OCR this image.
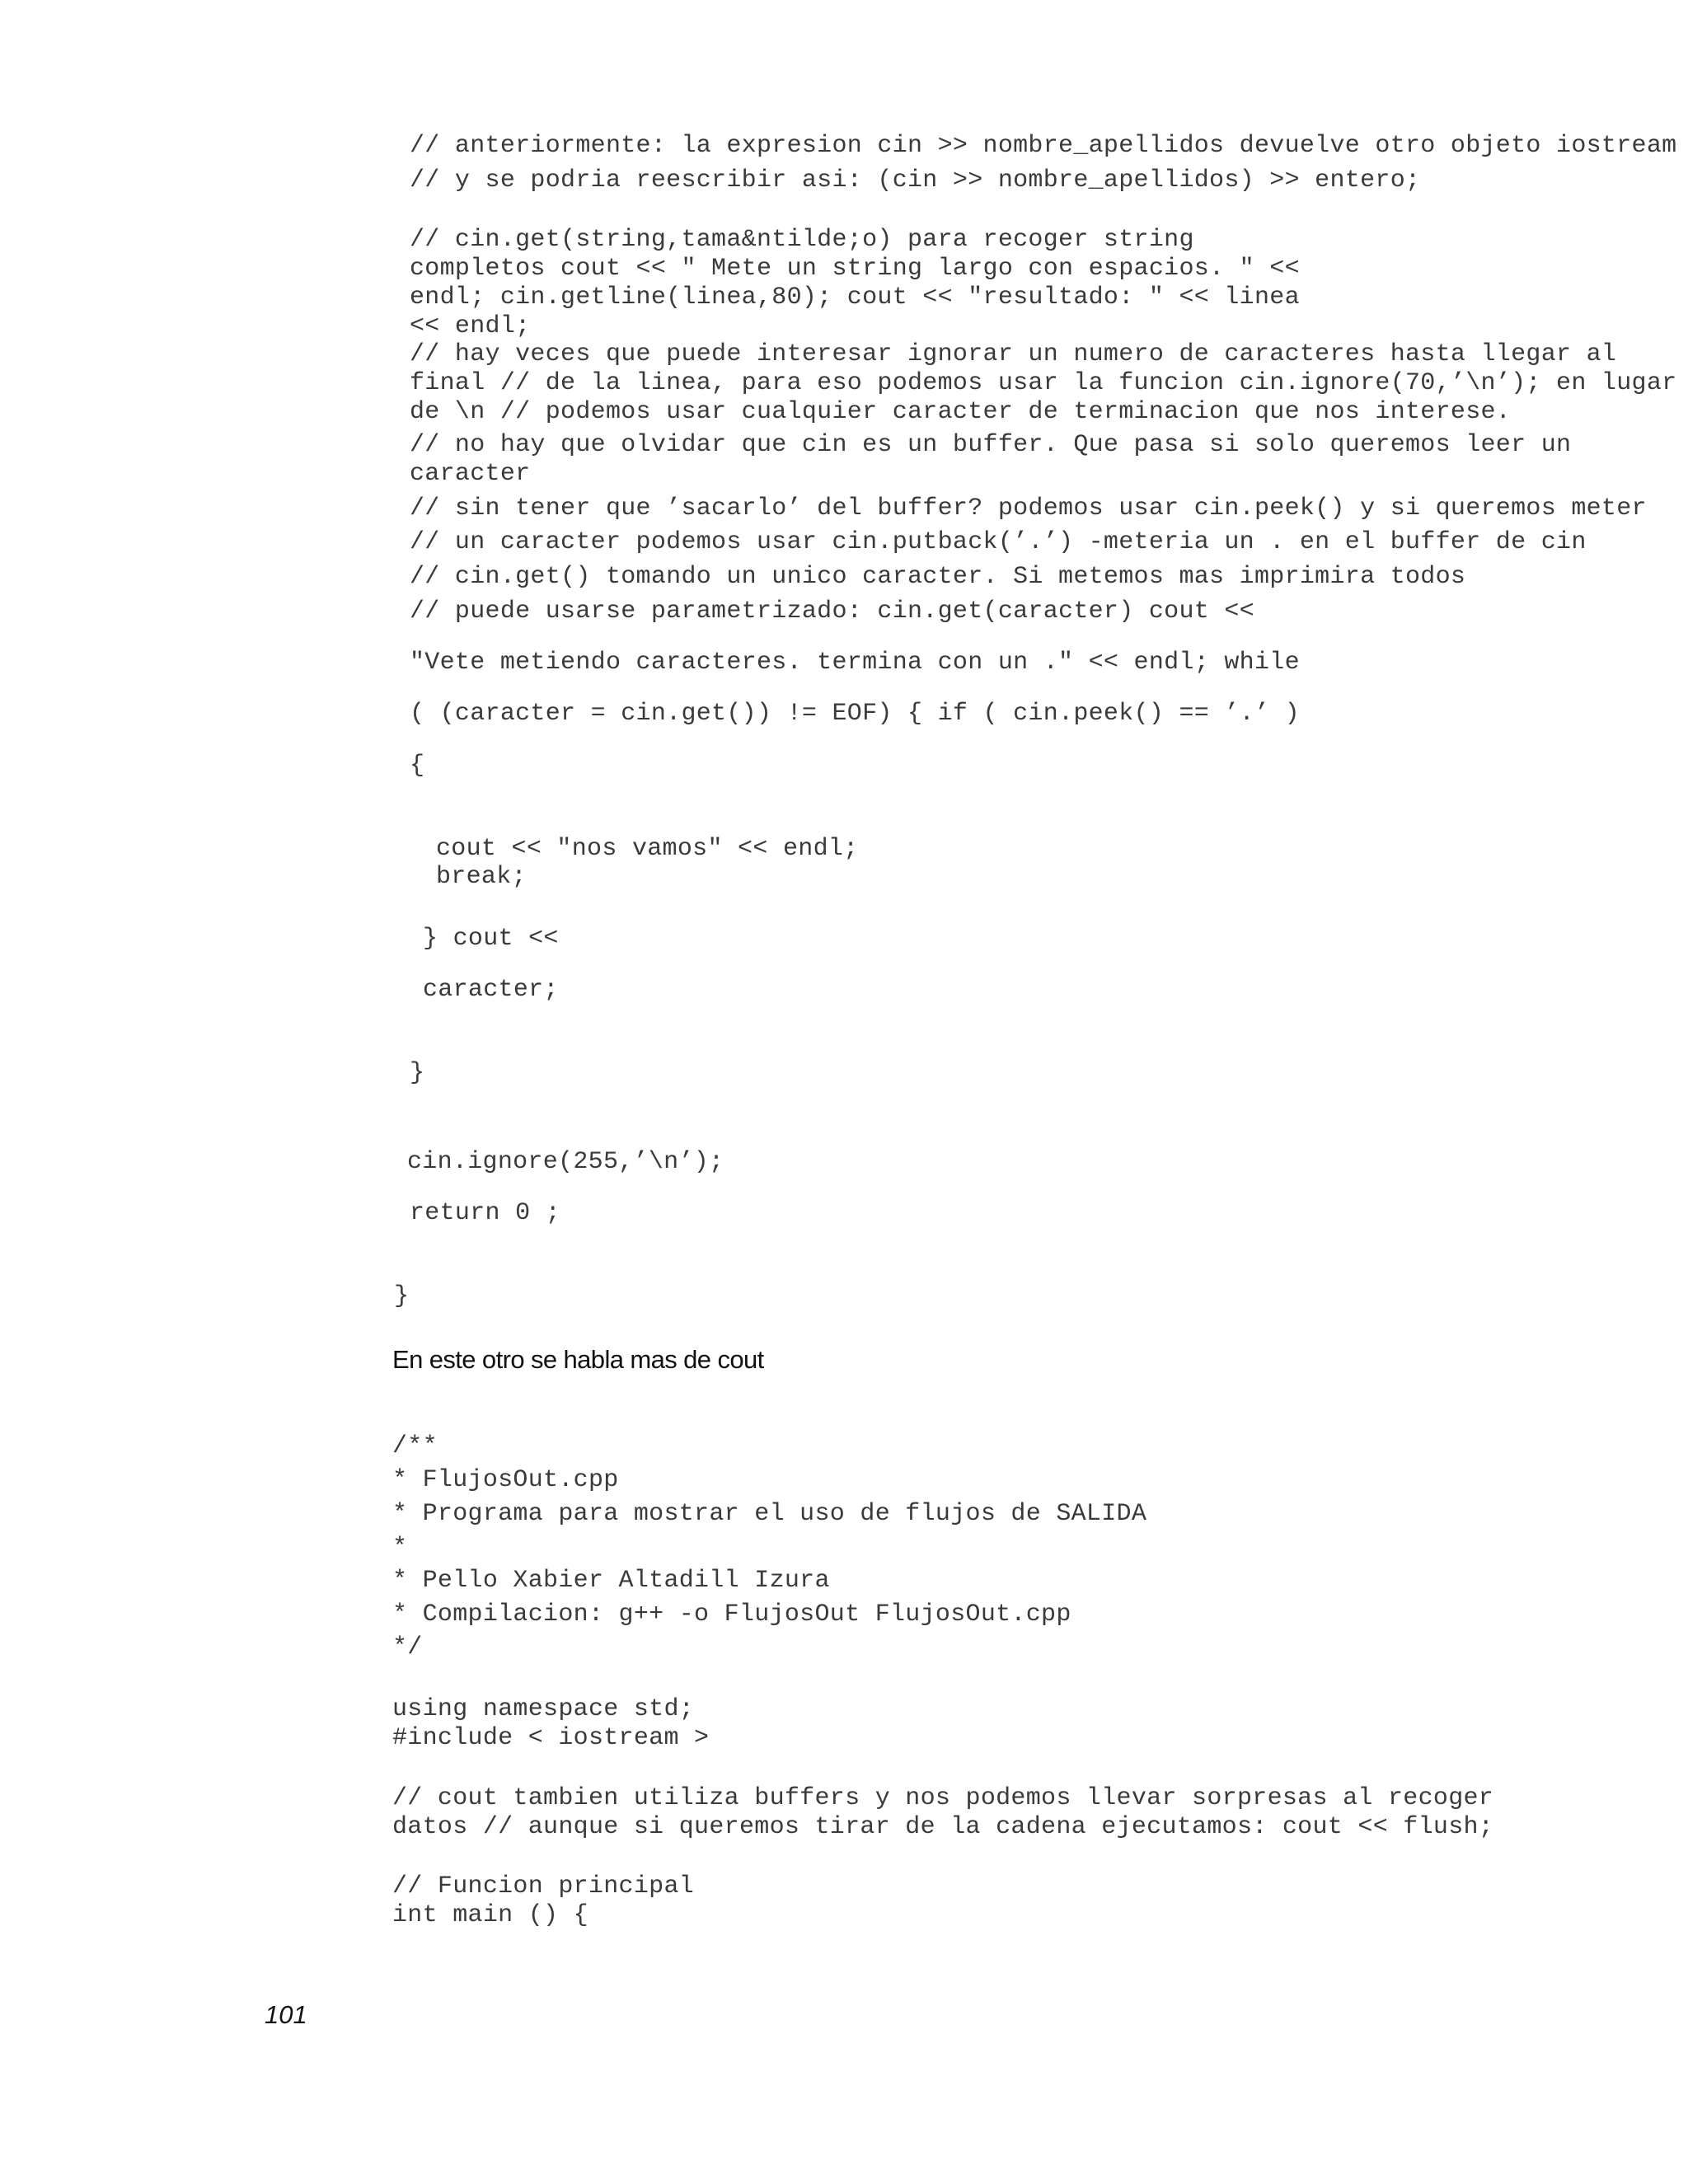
// anteriormente: la expresion cin >> nombre_apellidos devuelve otro objeto iostream
// y se podria reescribir asi: (cin >> nombre_apellidos) >> entero;
// cin.get(string,tama&ntilde;o) para recoger string
completos cout << " Mete un string largo con espacios. " <<
endl; cin.getline(linea,80); cout << "resultado: " << linea
<< endl;
// hay veces que puede interesar ignorar un numero de caracteres hasta llegar al
final // de la linea, para eso podemos usar la funcion cin.ignore(70,’\n’); en lugar
de \n // podemos usar cualquier caracter de terminacion que nos interese.
// no hay que olvidar que cin es un buffer. Que pasa si solo queremos leer un
caracter
// sin tener que ’sacarlo’ del buffer? podemos usar cin.peek() y si queremos meter
// un caracter podemos usar cin.putback(’.’) -meteria un . en el buffer de cin
// cin.get() tomando un unico caracter. Si metemos mas imprimira todos
// puede usarse parametrizado: cin.get(caracter) cout <<
"Vete metiendo caracteres. termina con un ." << endl; while
( (caracter = cin.get()) != EOF) { if ( cin.peek() == ’.’ )
{
cout << "nos vamos" << endl;
break;
} cout <<
caracter;
}
cin.ignore(255,’\n’);
return 0 ;
}
En este otro se habla mas de cout
/**
* FlujosOut.cpp
* Programa para mostrar el uso de flujos de SALIDA
*
* Pello Xabier Altadill Izura
* Compilacion: g++ -o FlujosOut FlujosOut.cpp
*/
using namespace std;
#include < iostream >
// cout tambien utiliza buffers y nos podemos llevar sorpresas al recoger
datos // aunque si queremos tirar de la cadena ejecutamos: cout << flush;
// Funcion principal
int main () {
101
